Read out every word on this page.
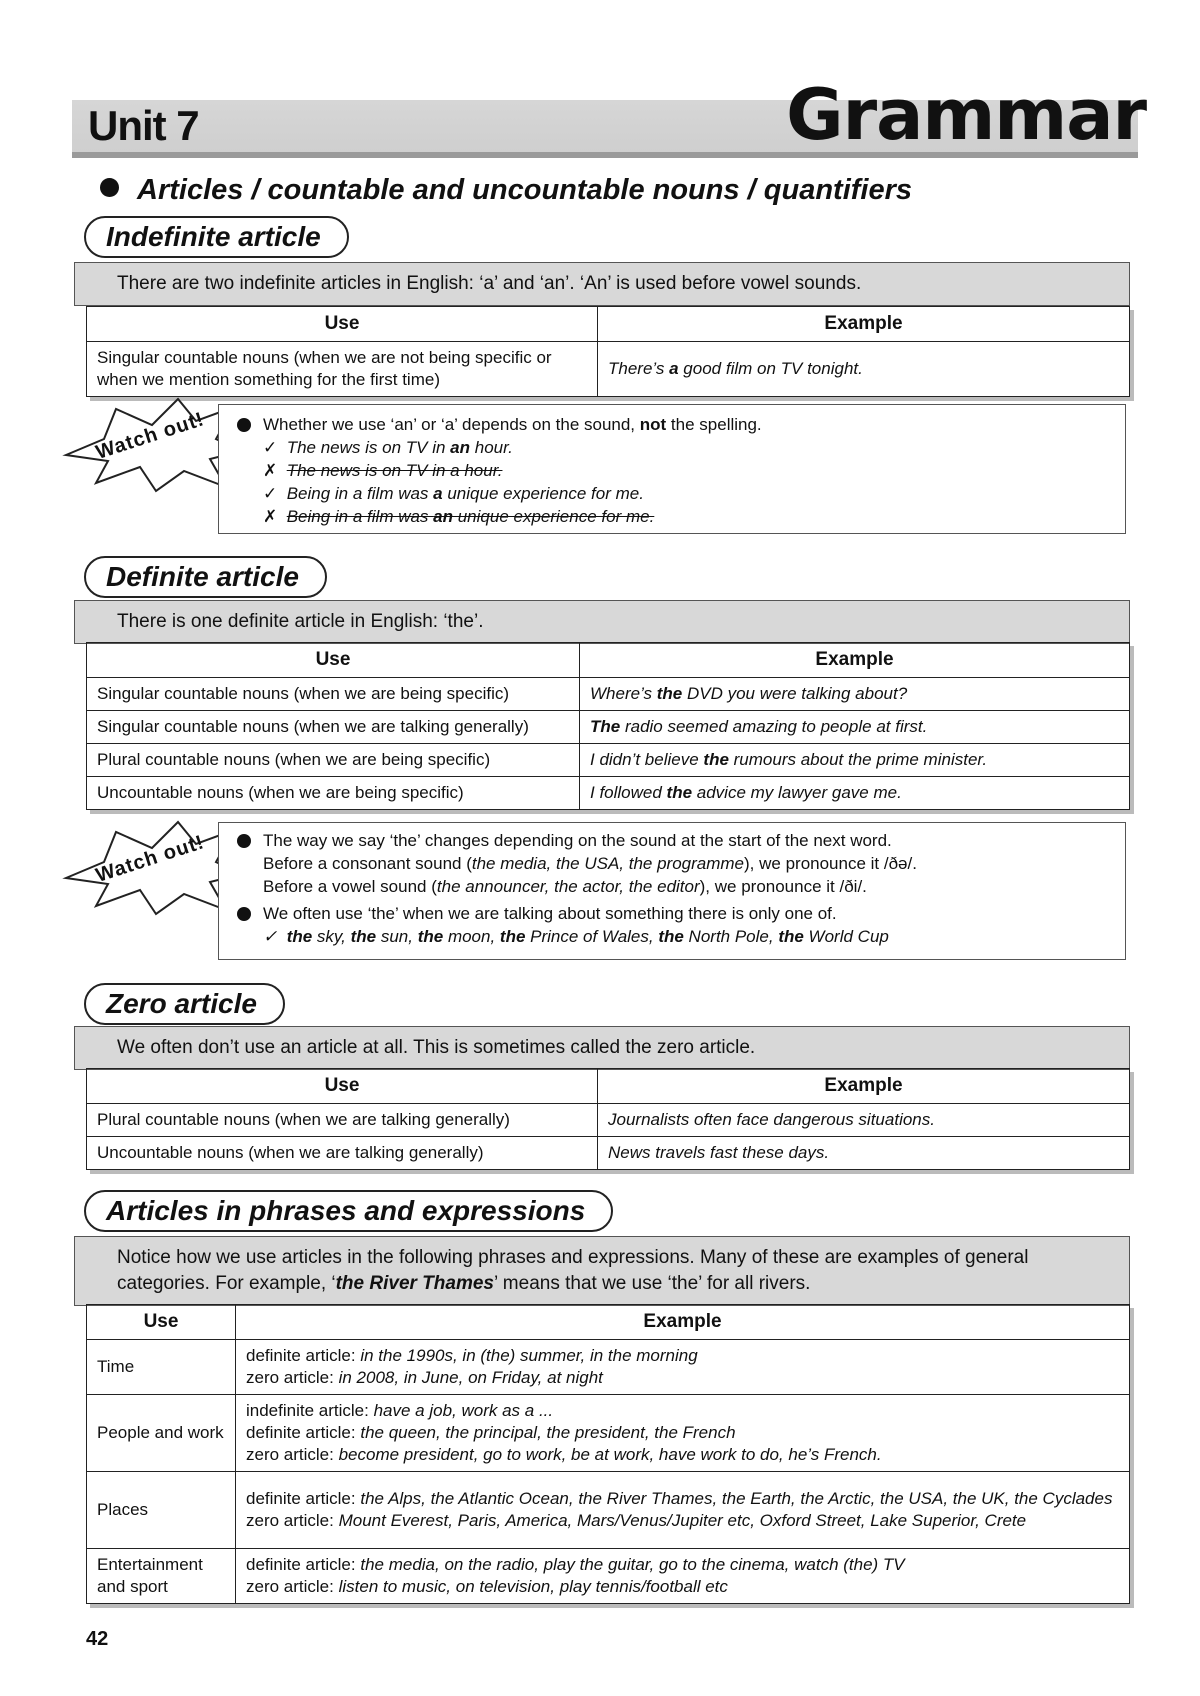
Unit 7	Grammar
Articles / countable and uncountable nouns / quantifiers
Indefinite article
There are two indefinite articles in English: ‘a’ and ‘an’. ‘An’ is used before vowel sounds.
Use	Example
Singular countable nouns (when we are not being specific or when we mention something for the first time)	There’s a good film on TV tonight.
Watch out!	Whether we use ‘an’ or ‘a’ depends on the sound, not the spelling.
✓ The news is on TV in an hour.
✗ The news is on TV in a hour.
✓ Being in a film was a unique experience for me.
✗ Being in a film was an unique experience for me.
Definite article
There is one definite article in English: ‘the’.
Use	Example
Singular countable nouns (when we are being specific)	Where’s the DVD you were talking about?
Singular countable nouns (when we are talking generally)	The radio seemed amazing to people at first.
Plural countable nouns (when we are being specific)	I didn’t believe the rumours about the prime minister.
Uncountable nouns (when we are being specific)	I followed the advice my lawyer gave me.
Watch out!	The way we say ‘the’ changes depending on the sound at the start of the next word.
Before a consonant sound (the media, the USA, the programme), we pronounce it /ðə/.
Before a vowel sound (the announcer, the actor, the editor), we pronounce it /ði/.
We often use ‘the’ when we are talking about something there is only one of.
✓ the sky, the sun, the moon, the Prince of Wales, the North Pole, the World Cup
Zero article
We often don’t use an article at all. This is sometimes called the zero article.
Use	Example
Plural countable nouns (when we are talking generally)	Journalists often face dangerous situations.
Uncountable nouns (when we are talking generally)	News travels fast these days.
Articles in phrases and expressions
Notice how we use articles in the following phrases and expressions. Many of these are examples of general categories. For example, ‘the River Thames’ means that we use ‘the’ for all rivers.
Use	Example
Time	definite article: in the 1990s, in (the) summer, in the morning
zero article: in 2008, in June, on Friday, at night
People and work	indefinite article: have a job, work as a ...
definite article: the queen, the principal, the president, the French
zero article: become president, go to work, be at work, have work to do, he’s French.
Places	definite article: the Alps, the Atlantic Ocean, the River Thames, the Earth, the Arctic, the USA, the UK, the Cyclades
zero article: Mount Everest, Paris, America, Mars/Venus/Jupiter etc, Oxford Street, Lake Superior, Crete
Entertainment and sport	definite article: the media, on the radio, play the guitar, go to the cinema, watch (the) TV
zero article: listen to music, on television, play tennis/football etc
42
